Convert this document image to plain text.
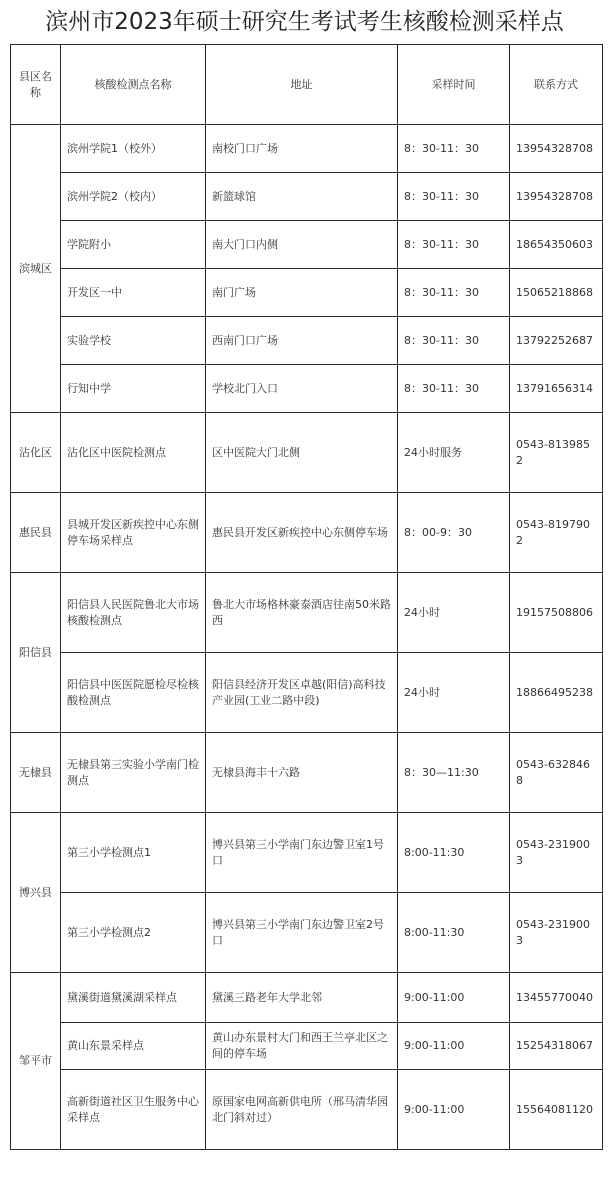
滨州市2023年硕士研究生考试考生核酸检测采样点
县区名称	核酸检测点名称	地址	采样时间	联系方式
滨城区	滨州学院1（校外）	南校门口广场	8：30-11：30	13954328708
	滨州学院2（校内）	新篮球馆	8：30-11：30	13954328708
	学院附小	南大门口内侧	8：30-11：30	18654350603
	开发区一中	南门广场	8：30-11：30	15065218868
	实验学校	西南门口广场	8：30-11：30	13792252687
	行知中学	学校北门入口	8：30-11：30	13791656314
沾化区	沾化区中医院检测点	区中医院大门北侧	24小时服务	0543-8139852
惠民县	县城开发区新疾控中心东侧停车场采样点	惠民县开发区新疾控中心东侧停车场	8：00-9：30	0543-8197902
阳信县	阳信县人民医院鲁北大市场核酸检测点	鲁北大市场格林豪泰酒店往南50米路西	24小时	19157508806
	阳信县中医医院愿检尽检核酸检测点	阳信县经济开发区卓越(阳信)高科技产业园(工业二路中段)	24小时	18866495238
无棣县	无棣县第三实验小学南门检测点	无棣县海丰十六路	8：30—11:30	0543-6328468
博兴县	第三小学检测点1	博兴县第三小学南门东边警卫室1号口	8:00-11:30	0543-2319003
	第三小学检测点2	博兴县第三小学南门东边警卫室2号口	8:00-11:30	0543-2319003
邹平市	黛溪街道黛溪湖采样点	黛溪三路老年大学北邻	9:00-11:00	13455770040
	黄山东景采样点	黄山办东景村大门和西王兰亭北区之间的停车场	9:00-11:00	15254318067
	高新街道社区卫生服务中心采样点	原国家电网高新供电所（邢马清华园北门斜对过）	9:00-11:00	15564081120
